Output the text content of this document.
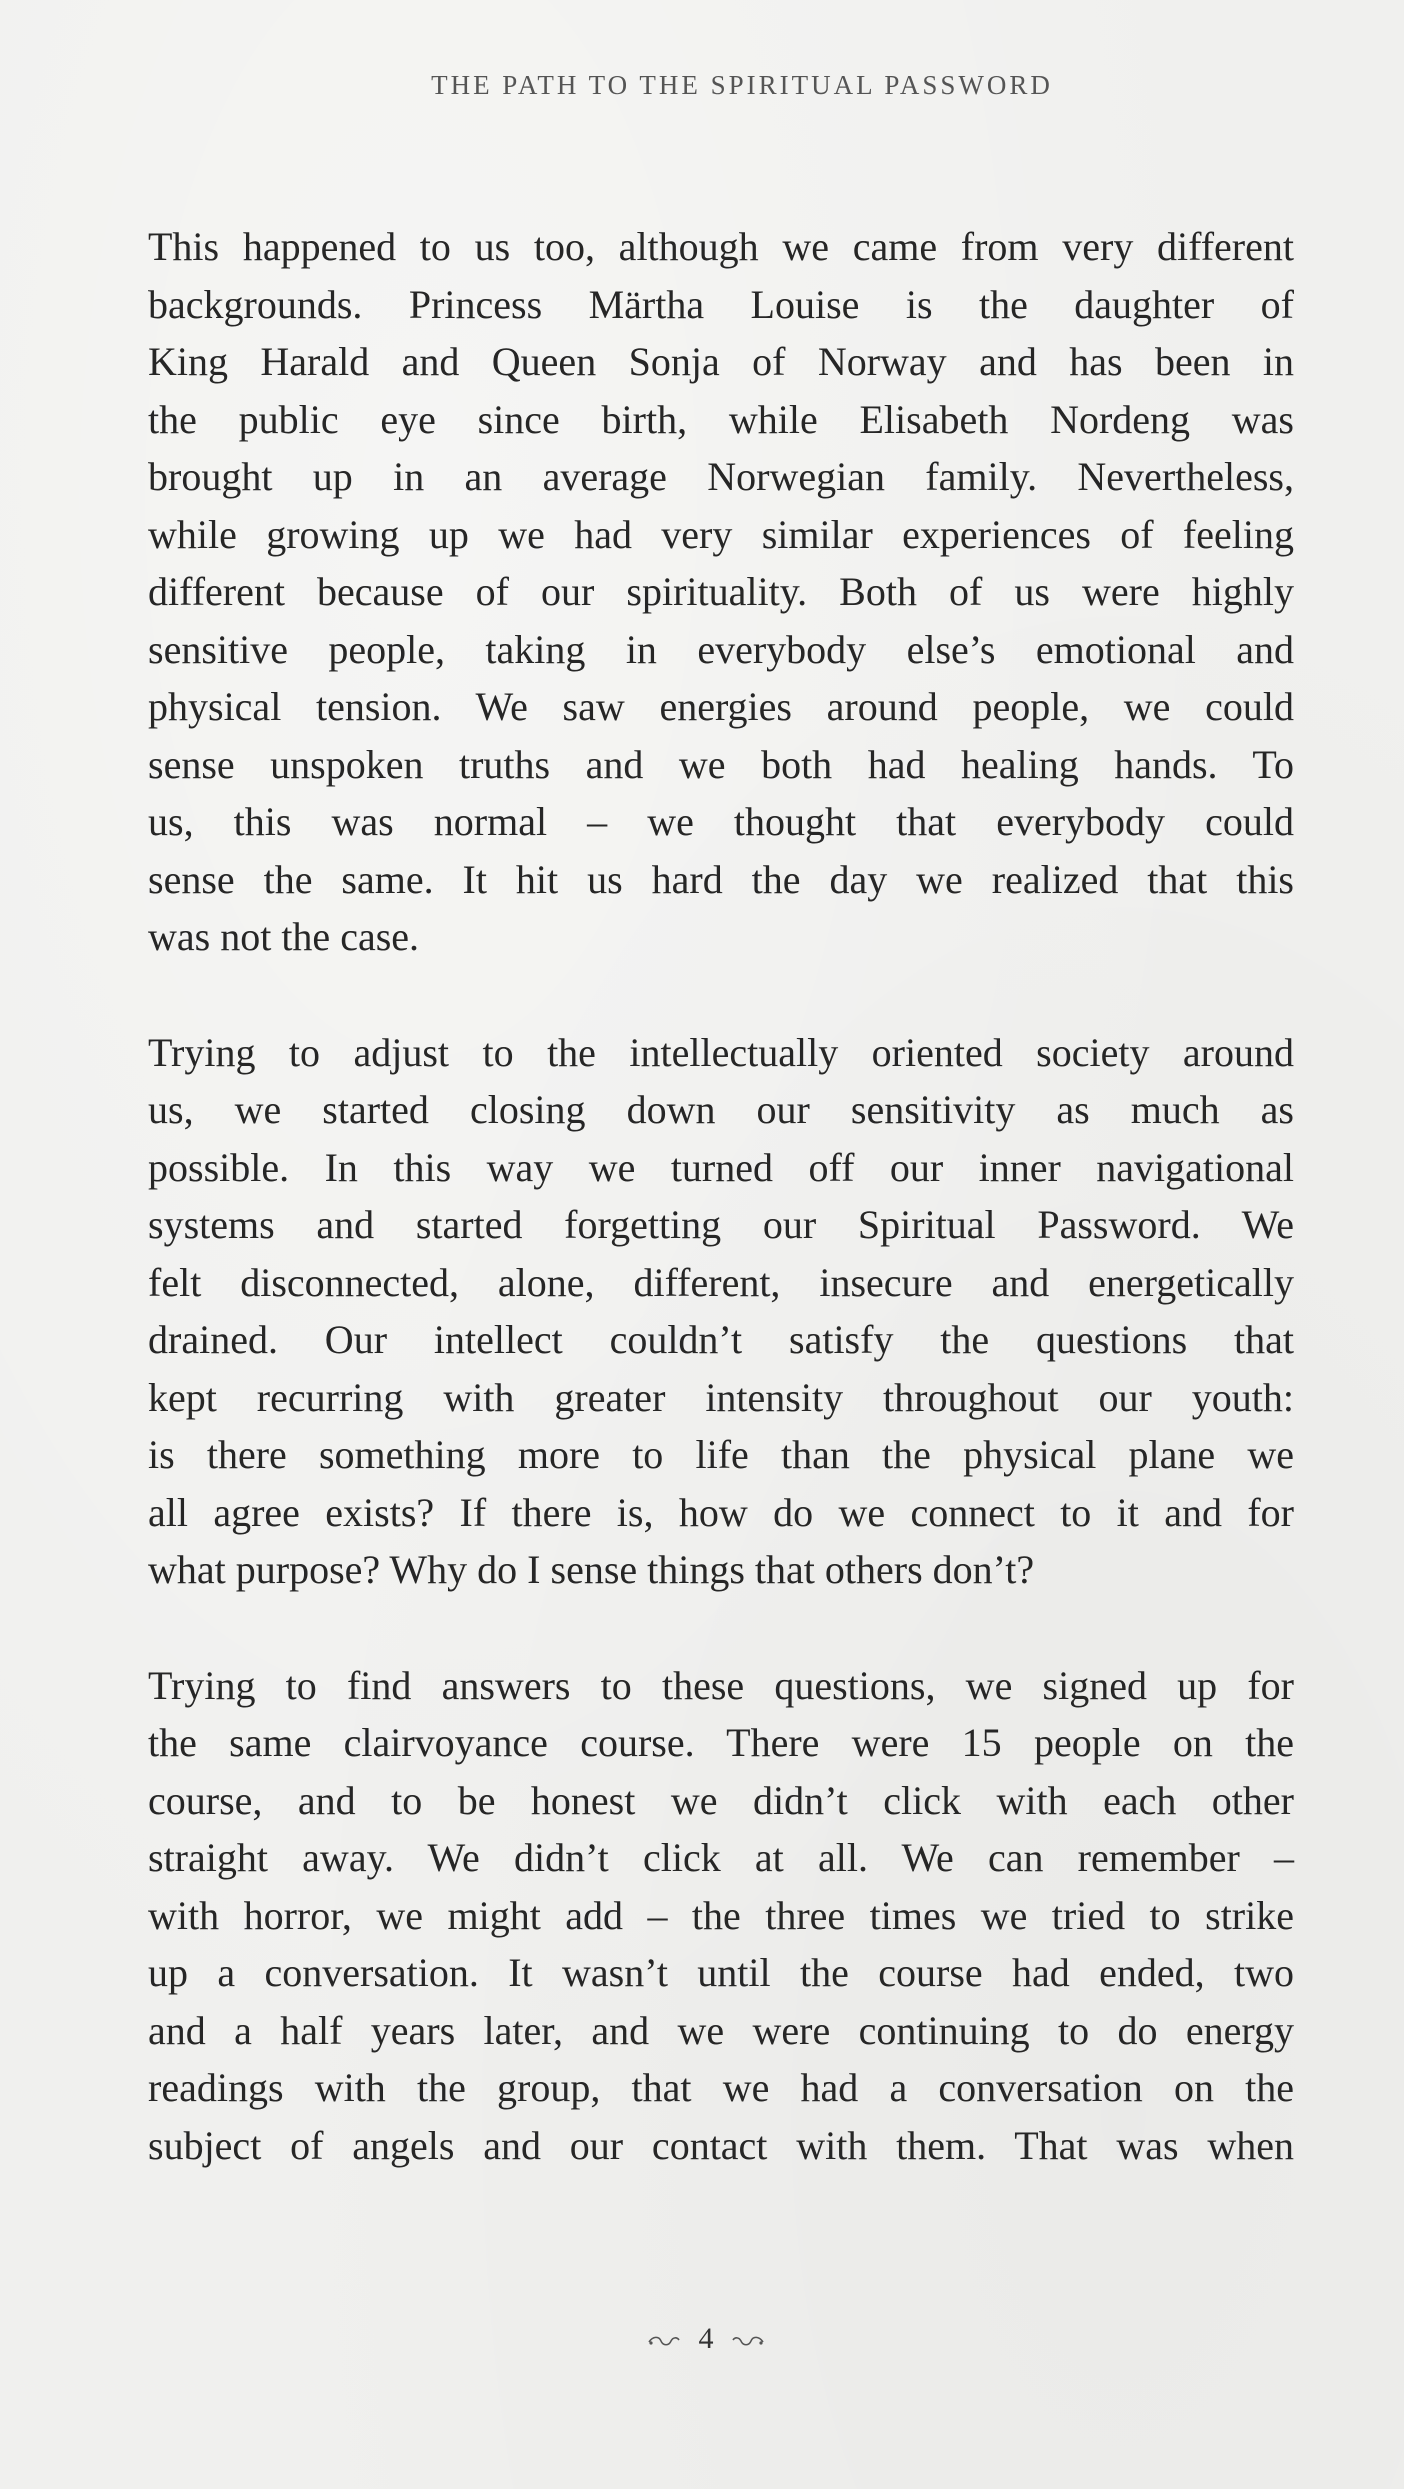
THE PATH TO THE SPIRITUAL PASSWORD

This happened to us too, although we came from very different
backgrounds. Princess Märtha Louise is the daughter of
King Harald and Queen Sonja of Norway and has been in
the public eye since birth, while Elisabeth Nordeng was
brought up in an average Norwegian family. Nevertheless,
while growing up we had very similar experiences of feeling
different because of our spirituality. Both of us were highly
sensitive people, taking in everybody else’s emotional and
physical tension. We saw energies around people, we could
sense unspoken truths and we both had healing hands. To
us, this was normal – we thought that everybody could
sense the same. It hit us hard the day we realized that this
was not the case.

Trying to adjust to the intellectually oriented society around
us, we started closing down our sensitivity as much as
possible. In this way we turned off our inner navigational
systems and started forgetting our Spiritual Password. We
felt disconnected, alone, different, insecure and energetically
drained. Our intellect couldn’t satisfy the questions that
kept recurring with greater intensity throughout our youth:
is there something more to life than the physical plane we
all agree exists? If there is, how do we connect to it and for
what purpose? Why do I sense things that others don’t?

Trying to find answers to these questions, we signed up for
the same clairvoyance course. There were 15 people on the
course, and to be honest we didn’t click with each other
straight away. We didn’t click at all. We can remember –
with horror, we might add – the three times we tried to strike
up a conversation. It wasn’t until the course had ended, two
and a half years later, and we were continuing to do energy
readings with the group, that we had a conversation on the
subject of angels and our contact with them. That was when

4
